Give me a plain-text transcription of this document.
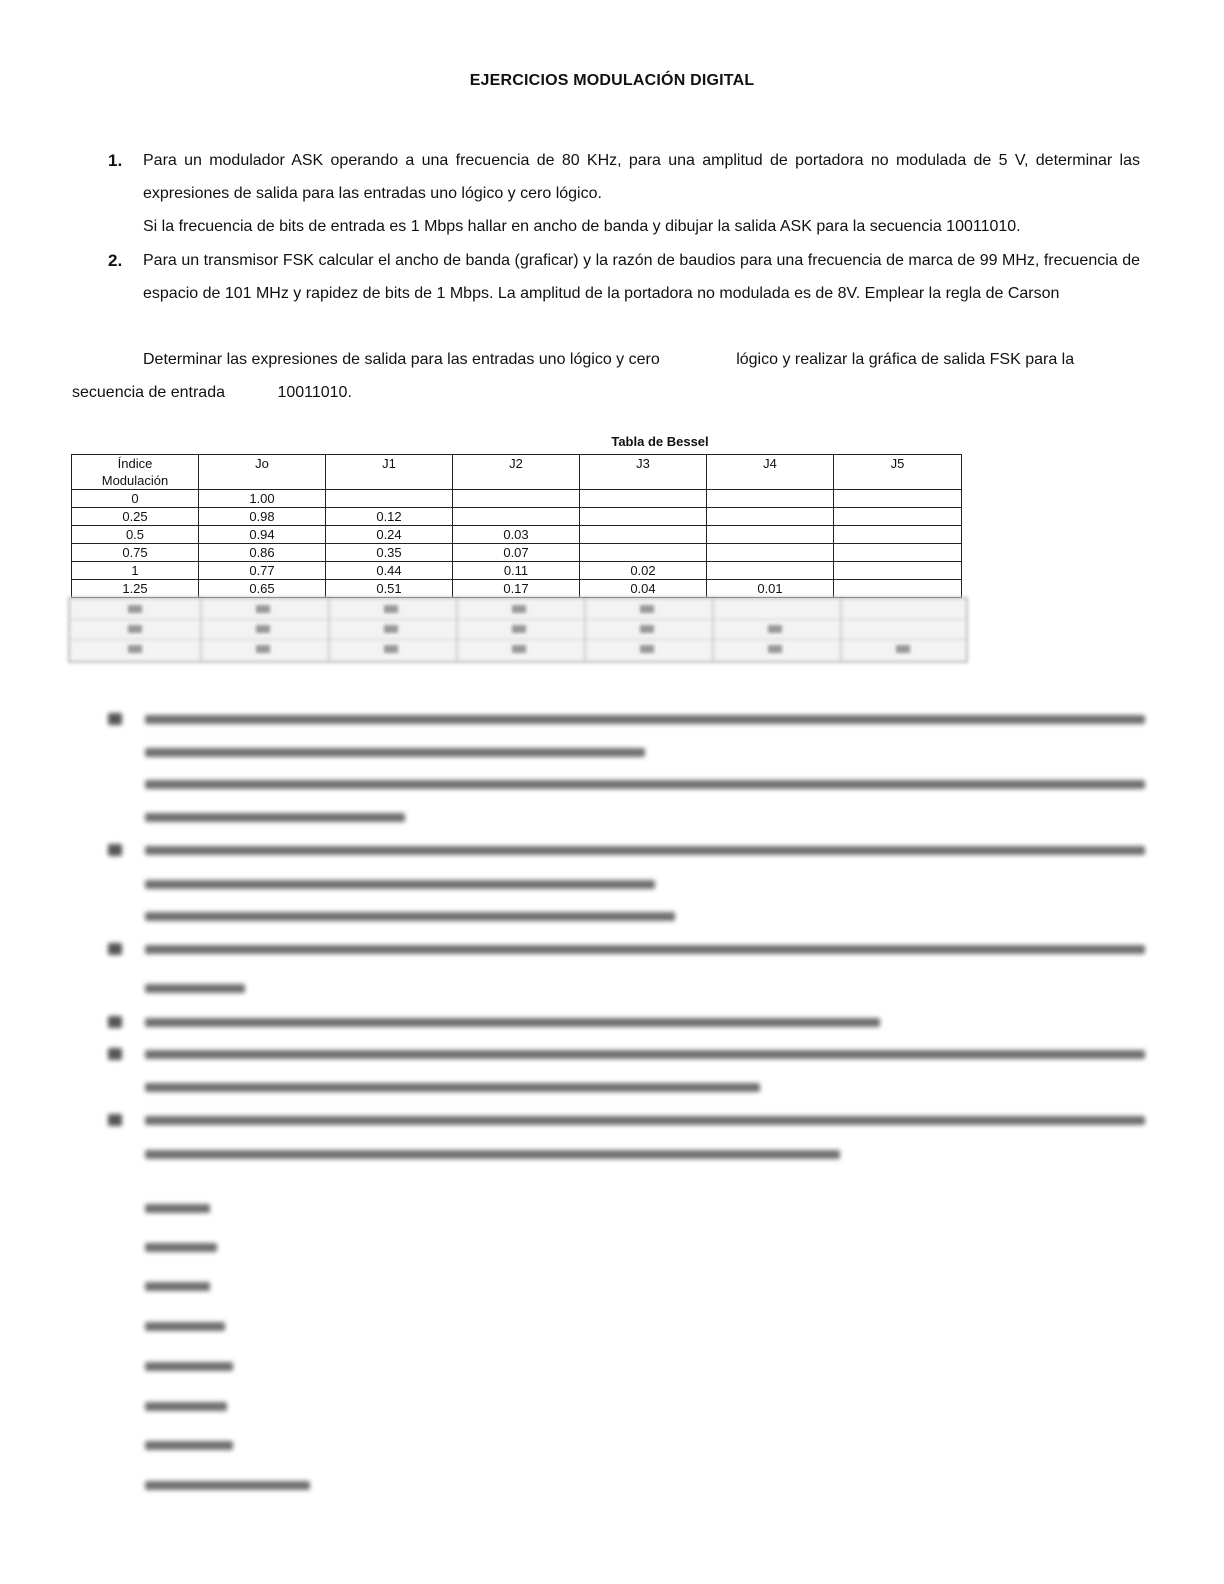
EJERCICIOS MODULACIÓN DIGITAL
1. Para un modulador ASK operando a una frecuencia de 80 KHz, para una amplitud de portadora no modulada de 5 V, determinar las expresiones de salida para las entradas uno lógico y cero lógico.

Si la frecuencia de bits de entrada es 1 Mbps hallar en ancho de banda y dibujar la salida ASK para la secuencia 10011010.

2. Para un transmisor FSK calcular el ancho de banda (graficar) y la razón de baudios para una frecuencia de marca de 99 MHz, frecuencia de espacio de 101 MHz y rapidez de bits de 1 Mbps. La amplitud de la portadora no modulada es de 8V. Emplear la regla de Carson

Determinar las expresiones de salida para las entradas uno lógico y cero	lógico y realizar la gráfica de salida FSK para la
secuencia de entrada	10011010.
Tabla de Bessel
Índice
Modulación	Jo	J1	J2	J3	J4	J5
0	1.00					
0.25	0.98	0.12				
0.5	0.94	0.24	0.03			
0.75	0.86	0.35	0.07			
1	0.77	0.44	0.11	0.02		
1.25	0.65	0.51	0.17	0.04	0.01	
